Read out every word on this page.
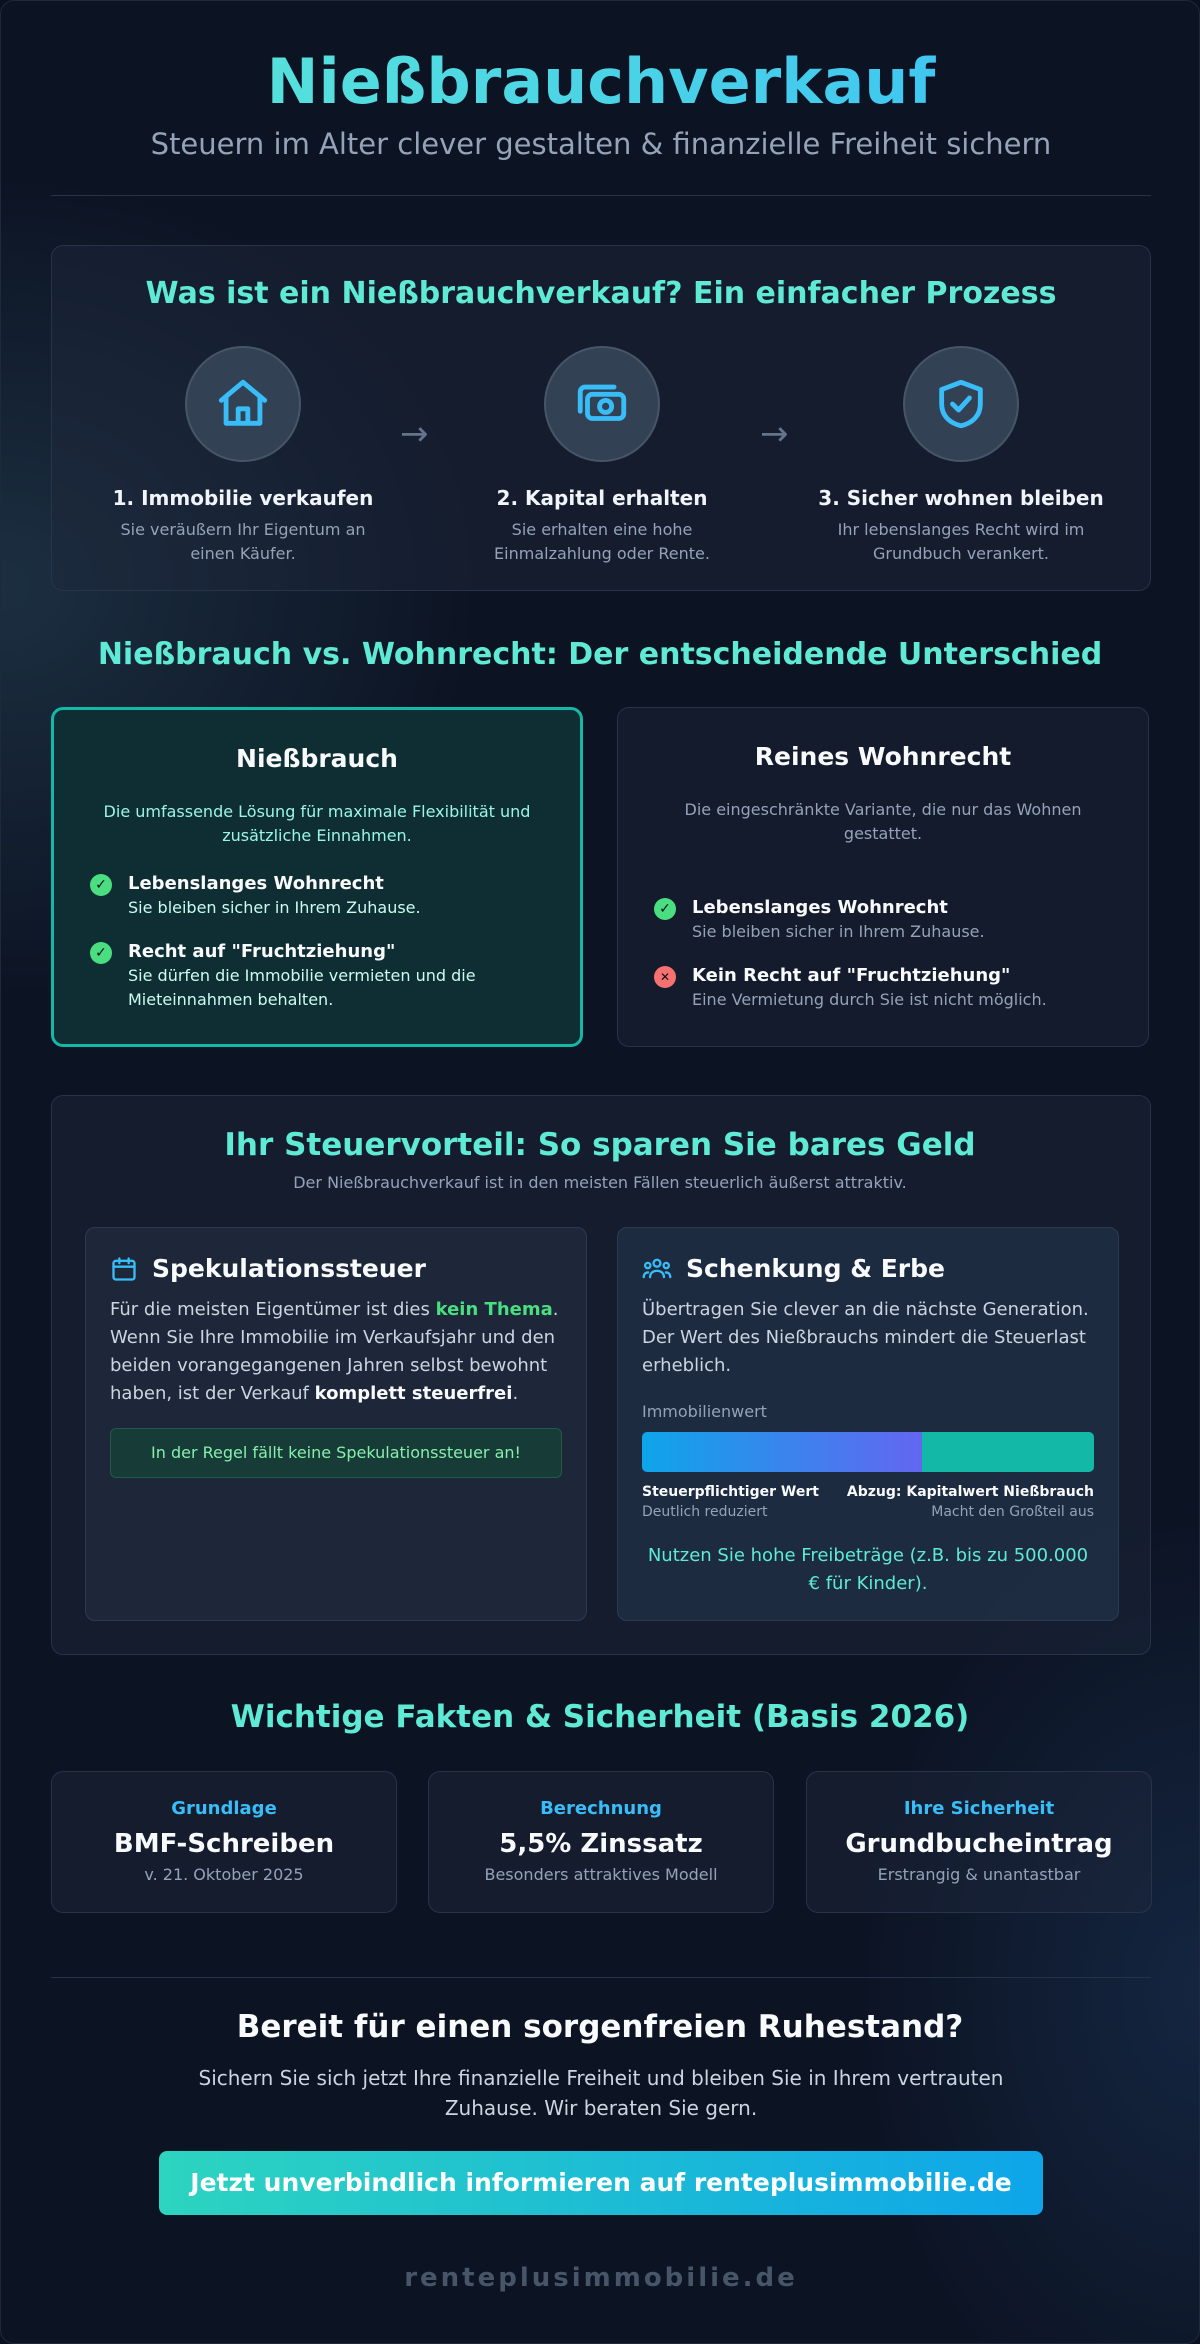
Nießbrauchverkauf
Steuern im Alter clever gestalten & finanzielle Freiheit sichern
Was ist ein Nießbrauchverkauf? Ein einfacher Prozess
1. Immobilie verkaufen
Sie veräußern Ihr Eigentum an einen Käufer.
→
2. Kapital erhalten
Sie erhalten eine hohe Einmalzahlung oder Rente.
→
3. Sicher wohnen bleiben
Ihr lebenslanges Recht wird im Grundbuch verankert.
Nießbrauch vs. Wohnrecht: Der entscheidende Unterschied
Nießbrauch
Die umfassende Lösung für maximale Flexibilität und zusätzliche Einnahmen.
✓ Lebenslanges Wohnrecht
Sie bleiben sicher in Ihrem Zuhause.
✓ Recht auf "Fruchtziehung"
Sie dürfen die Immobilie vermieten und die Mieteinnahmen behalten.
Reines Wohnrecht
Die eingeschränkte Variante, die nur das Wohnen gestattet.
✓ Lebenslanges Wohnrecht
Sie bleiben sicher in Ihrem Zuhause.
✕	Kein Recht auf "Fruchtziehung"
Eine Vermietung durch Sie ist nicht möglich.
Ihr Steuervorteil: So sparen Sie bares Geld
Der Nießbrauchverkauf ist in den meisten Fällen steuerlich äußerst attraktiv.
Spekulationssteuer
Für die meisten Eigentümer ist dies kein Thema. Wenn Sie Ihre Immobilie im Verkaufsjahr und den beiden vorangegangenen Jahren selbst bewohnt haben, ist der Verkauf komplett steuerfrei.
In der Regel fällt keine Spekulationssteuer an!
Schenkung & Erbe
Übertragen Sie clever an die nächste Generation. Der Wert des Nießbrauchs mindert die Steuerlast erheblich.
Immobilienwert
Steuerpflichtiger Wert
Deutlich reduziert
Abzug: Kapitalwert Nießbrauch
Macht den Großteil aus
Nutzen Sie hohe Freibeträge (z.B. bis zu 500.000 € für Kinder).
Wichtige Fakten & Sicherheit (Basis 2026)
Grundlage
BMF-Schreiben
v. 21. Oktober 2025
Berechnung
5,5% Zinssatz
Besonders attraktives Modell
Ihre Sicherheit
Grundbucheintrag
Erstrangig & unantastbar
Bereit für einen sorgenfreien Ruhestand?
Sichern Sie sich jetzt Ihre finanzielle Freiheit und bleiben Sie in Ihrem vertrauten Zuhause. Wir beraten Sie gern.
Jetzt unverbindlich informieren auf renteplusimmobilie.de
renteplusimmobilie.de
